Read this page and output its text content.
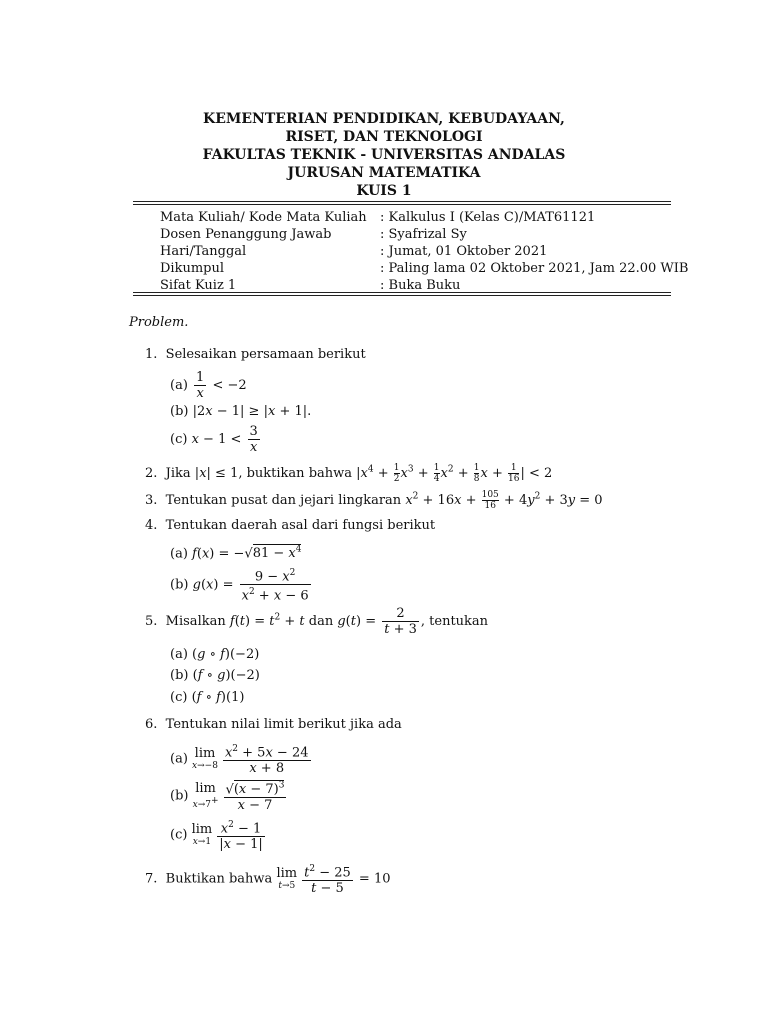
KEMENTERIAN PENDIDIKAN, KEBUDAYAAN,
RISET, DAN TEKNOLOGI
FAKULTAS TEKNIK - UNIVERSITAS ANDALAS
JURUSAN MATEMATIKA
KUIS 1
Mata Kuliah/ Kode Mata Kuliah : Kalkulus I (Kelas C)/MAT61121
Dosen Penanggung Jawab	: Syafrizal Sy
Hari/Tanggal	: Jumat, 01 Oktober 2021
Dikumpul	: Paling lama 02 Oktober 2021, Jam 22.00 WIB
Sifat Kuiz 1	: Buka Buku
Problem.
1. Selesaikan persamaan berikut
$(a) \frac{1}{x} < -2$
(b) |2x − 1| ≥ |x + 1|.
(c) $x - 1 < \frac{3}{x}$
2. Jika |x| ≤ 1, buktikan bahwa $|x^4 + \frac{1}{2} x^3 + \frac{1}{4} x^2 + \frac{1}{8}$ $x + \frac{1}{16}$ | < 2
3. Tentukan pusat dan jejari lingkaran $x^2 + 16x + \frac{105}{16} + 4y^2 + 3y = 0$
4. Tentukan daerah asal dari fungsi berikut
(a) $f(x) = -√81 - x^4$
(b) $g(x) = \frac{9 - x^2}{x^2 + x - 6}$
5. Misalkan $f(t) = t^2 + t$ dan $g(t) = \frac{2}{t + 3}$ , tentukan
(a) (g ∘ f)(−2)
(b) (f ∘ g)(−2)
(c) (f ∘ f)(1)
6. Tentukan nilai limit berikut jika ada
(a) lim
$x\to-8 \frac{x^2 + 5x - 24}{x + 8}$
(b) lim
$x\to 7^+ \frac{√(x - 7)^3}{x - 7}$
(c) lim
$x\to 1 \frac{x^2 - 1}{|x - 1|}$
7. Buktikan bahwa lim
$t\to 5 \frac{t^2 - 25}{t - 5} = 10$
